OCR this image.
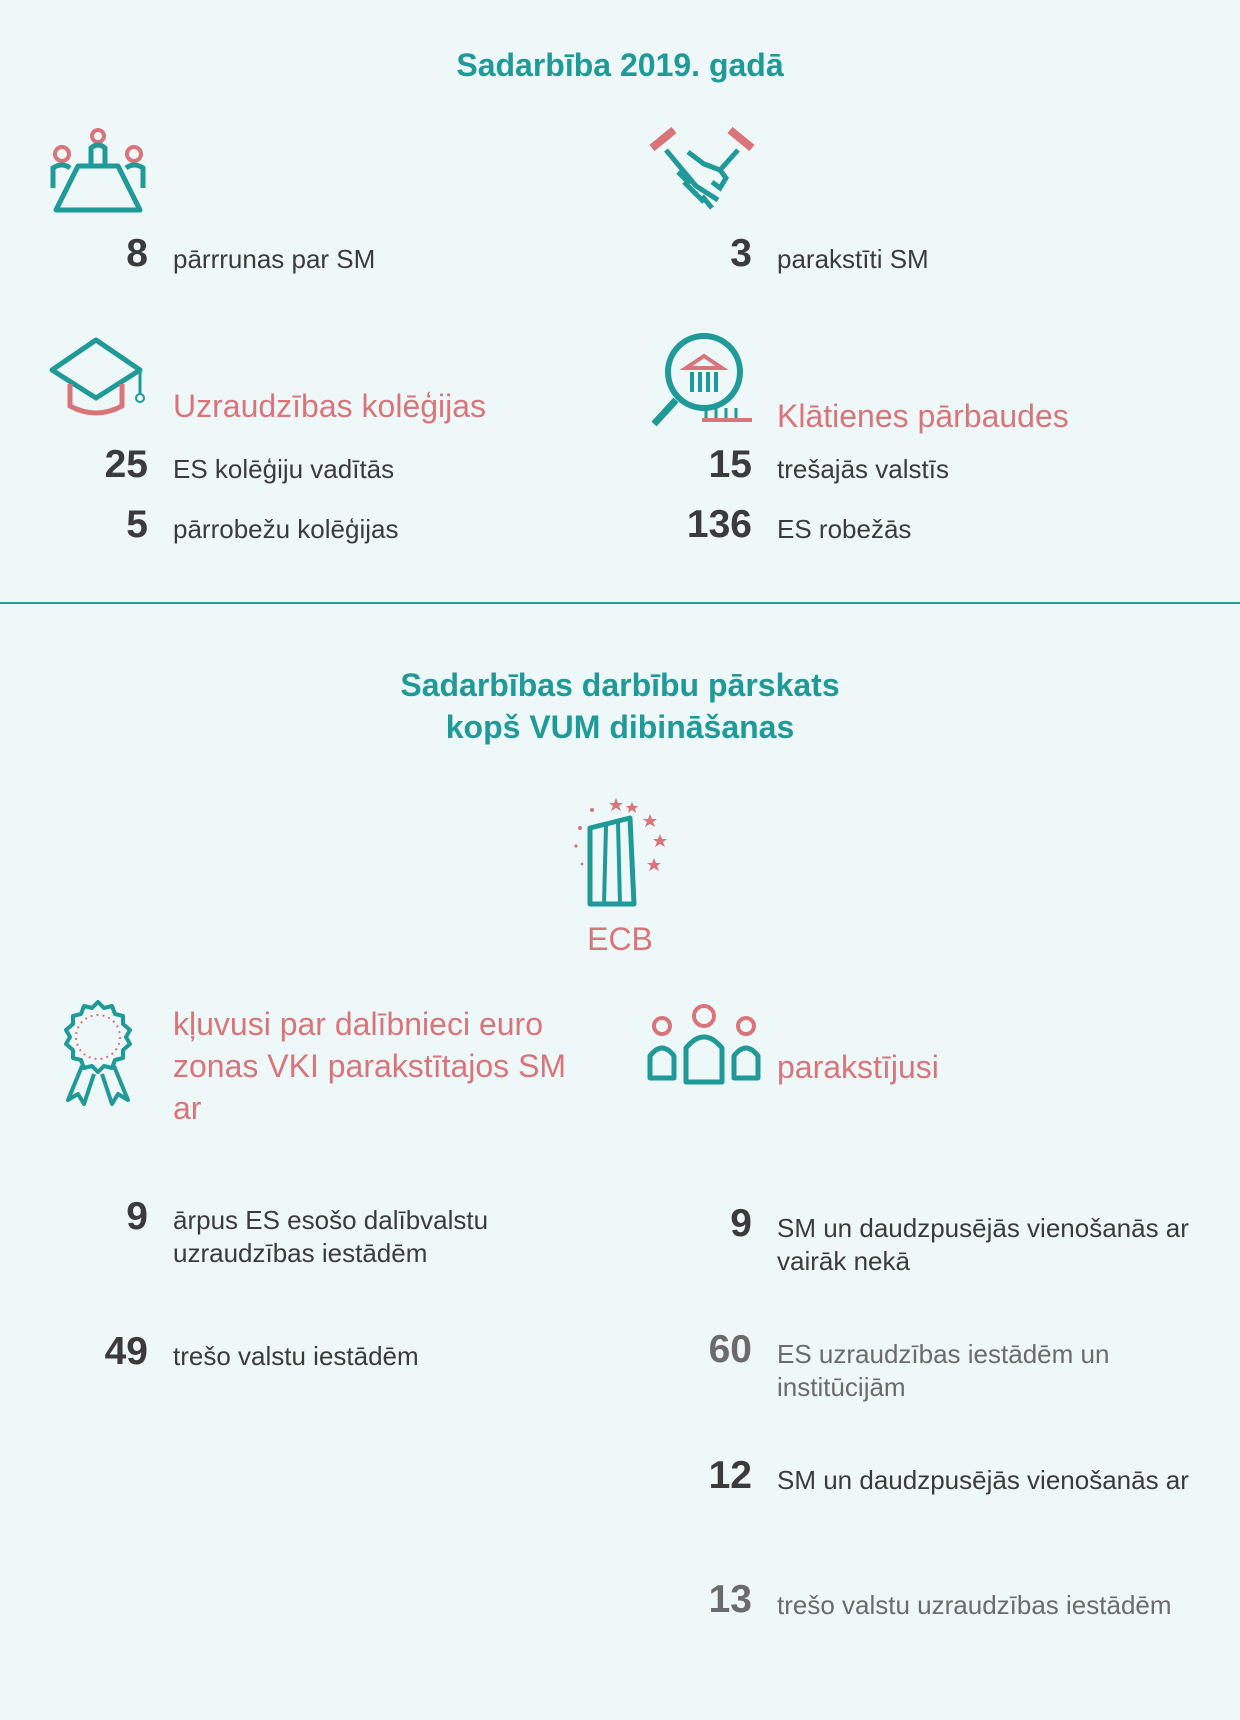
Sadarbība 2019. gadā
8 pārrrunas par SM	3 parakstīti SM
Uzraudzības kolēģijas
25 ES kolēģiju vadītās
5 pārrobežu kolēģijas
Klātienes pārbaudes
15 trešajās valstīs
136 ES robežās
Sadarbības darbību pārskats
kopš VUM dibināšanas
ECB
kļuvusi par dalībnieci euro zonas VKI parakstītajos SM ar
9 ārpus ES esošo dalībvalstu uzraudzības iestādēm
49 trešo valstu iestādēm
parakstījusi
9 SM un daudzpusējās vienošanās ar vairāk nekā
60 ES uzraudzības iestādēm un institūcijām
12 SM un daudzpusējās vienošanās ar
13 trešo valstu uzraudzības iestādēm
